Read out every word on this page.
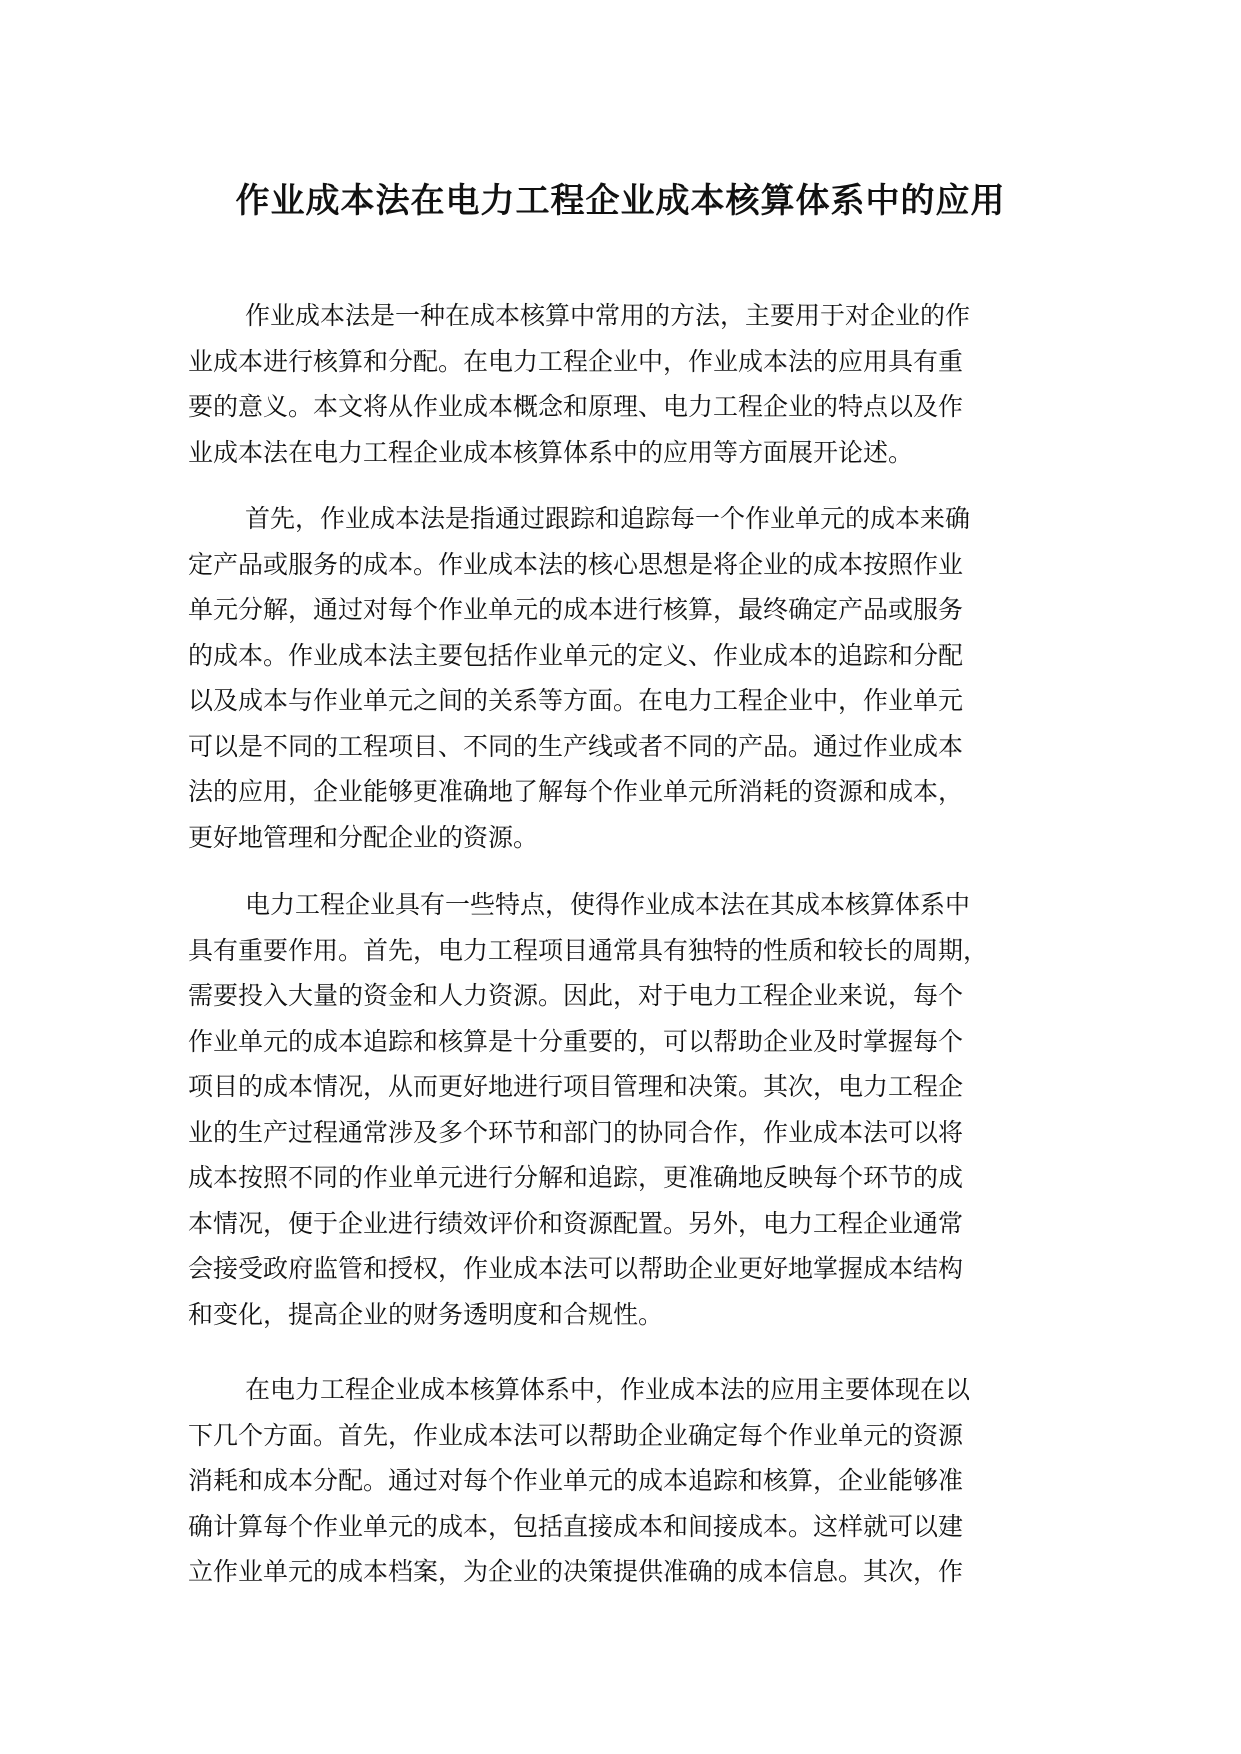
作业成本法在电力工程企业成本核算体系中的应用
作业成本法是一种在成本核算中常用的方法，主要用于对企业的作
业成本进行核算和分配。在电力工程企业中，作业成本法的应用具有重
要的意义。本文将从作业成本概念和原理、电力工程企业的特点以及作
业成本法在电力工程企业成本核算体系中的应用等方面展开论述。
首先，作业成本法是指通过跟踪和追踪每一个作业单元的成本来确
定产品或服务的成本。作业成本法的核心思想是将企业的成本按照作业
单元分解，通过对每个作业单元的成本进行核算，最终确定产品或服务
的成本。作业成本法主要包括作业单元的定义、作业成本的追踪和分配
以及成本与作业单元之间的关系等方面。在电力工程企业中，作业单元
可以是不同的工程项目、不同的生产线或者不同的产品。通过作业成本
法的应用，企业能够更准确地了解每个作业单元所消耗的资源和成本，
更好地管理和分配企业的资源。
电力工程企业具有一些特点，使得作业成本法在其成本核算体系中
具有重要作用。首先，电力工程项目通常具有独特的性质和较长的周期，
需要投入大量的资金和人力资源。因此，对于电力工程企业来说，每个
作业单元的成本追踪和核算是十分重要的，可以帮助企业及时掌握每个
项目的成本情况，从而更好地进行项目管理和决策。其次，电力工程企
业的生产过程通常涉及多个环节和部门的协同合作，作业成本法可以将
成本按照不同的作业单元进行分解和追踪，更准确地反映每个环节的成
本情况，便于企业进行绩效评价和资源配置。另外，电力工程企业通常
会接受政府监管和授权，作业成本法可以帮助企业更好地掌握成本结构
和变化，提高企业的财务透明度和合规性。
在电力工程企业成本核算体系中，作业成本法的应用主要体现在以
下几个方面。首先，作业成本法可以帮助企业确定每个作业单元的资源
消耗和成本分配。通过对每个作业单元的成本追踪和核算，企业能够准
确计算每个作业单元的成本，包括直接成本和间接成本。这样就可以建
立作业单元的成本档案，为企业的决策提供准确的成本信息。其次，作
